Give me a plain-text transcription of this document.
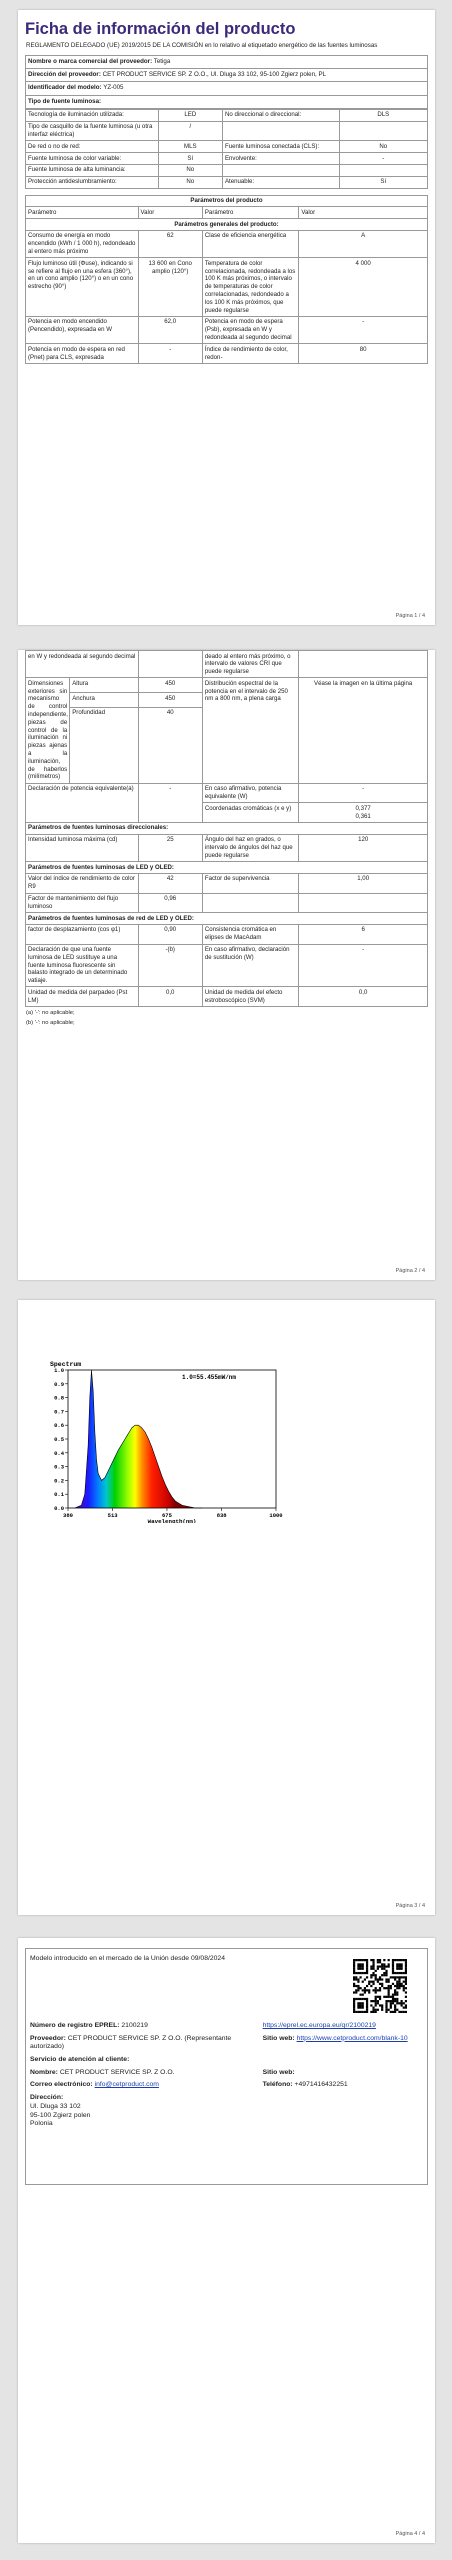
Ficha de información del producto
REGLAMENTO DELEGADO (UE) 2019/2015 DE LA COMISIÓN en lo relativo al etiquetado energético de las fuentes luminosas
Nombre o marca comercial del proveedor: Tetiga
Dirección del proveedor: CET PRODUCT SERVICE SP. Z O.O., Ul. Dluga 33 102, 95-100 Zgierz polen, PL
Identificador del modelo: YZ-005
Tipo de fuente luminosa:
Tecnología de iluminación utilizada:	LED	No direccional o direccional:	DLS
Tipo de casquillo de la fuente luminosa (u otra interfaz eléctrica)	/		
De red o no de red:	MLS	Fuente luminosa conectada (CLS):	No
Fuente luminosa de color variable:	Sí	Envolvente:	-
Fuente luminosa de alta luminancia:	No		
Protección antideslumbramiento:	No	Atenuable:	Sí
Parámetros del producto			
Parámetro	Valor	Parámetro	Valor
Parámetros generales del producto:			
Consumo de energía en modo encendido (kWh / 1 000 h), redondeado al entero más próximo	62	Clase de eficiencia energética	A
Flujo luminoso útil (Φuse), indicando si se refiere al flujo en una esfera (360°), en un cono amplio (120°) o en un cono estrecho (90°)	13 600 en Cono amplio (120°)	Temperatura de color correlacionada, redondeada a los 100 K más próximos, o intervalo de temperaturas de color correlacionadas, redondeado a los 100 K más próximos, que puede regularse	4 000
Potencia en modo encendido (Pencendido), expresada en W	62,0	Potencia en modo de espera (Psb), expresada en W y redondeada al segundo decimal	-
Potencia en modo de espera en red (Pnet) para CLS, expresada	-	Índice de rendimiento de color, redon-	80
Página 1 / 4
en W y redondeada al segundo decimal			deado al entero más próximo, o intervalo de valores CRI que puede regularse	
Dimensiones exteriores sin mecanismo de control independiente, piezas de control de la iluminación ni piezas ajenas a la iluminación, de haberlos (milímetros)	Altura	450	Distribución espectral de la potencia en el intervalo de 250 nm a 800 nm, a plena carga	Véase la imagen en la última página
	Anchura	450		
	Profundidad	40		
Declaración de potencia equivalente(a)		-	En caso afirmativo, potencia equivalente (W)	-
			Coordenadas cromáticas (x e y)	0,377
0,361
Parámetros de fuentes luminosas direccionales:				
Intensidad luminosa máxima (cd)		25	Ángulo del haz en grados, o intervalo de ángulos del haz que puede regularse	120
Parámetros de fuentes luminosas de LED y OLED:				
Valor del índice de rendimiento de color R9		42	Factor de supervivencia	1,00
Factor de mantenimiento del flujo luminoso		0,96		
Parámetros de fuentes luminosas de red de LED y OLED:				
factor de desplazamiento (cos φ1)		0,90	Consistencia cromática en elipses de MacAdam	6
Declaración de que una fuente luminosa de LED sustituye a una fuente luminosa fluorescente sin balasto integrado de un determinado vatiaje.		-(b)	En caso afirmativo, declaración de sustitución (W)	-
Unidad de medida del parpadeo (Pst LM)		0,0	Unidad de medida del efecto estroboscópico (SVM)	0,0
(a) '-': no aplicable;
(b) '-': no aplicable;
Página 2 / 4
0.0
0.1
0.2
0.3
0.4
0.5
0.6
0.7
0.8
0.9
1.0
380	513	675	838	1000
Spectrum
1.0=55.455mW/nm
Wavelength(nm)
Página 3 / 4
Modelo introducido en el mercado de la Unión desde 09/08/2024
Número de registro EPREL: 2100219	https://eprel.ec.europa.eu/qr/2100219
Proveedor: CET PRODUCT SERVICE SP. Z O.O. (Representante autorizado)	Sitio web: https://www.cetproduct.com/blank-10
Servicio de atención al cliente:	
Nombre: CET PRODUCT SERVICE SP. Z O.O.	Sitio web:
Correo electrónico: info@cetproduct.com	Teléfono: +4971416432251

Dirección:
Ul. Dluga 33 102
95-100 Zgierz polen
Polonia	
Página 4 / 4
